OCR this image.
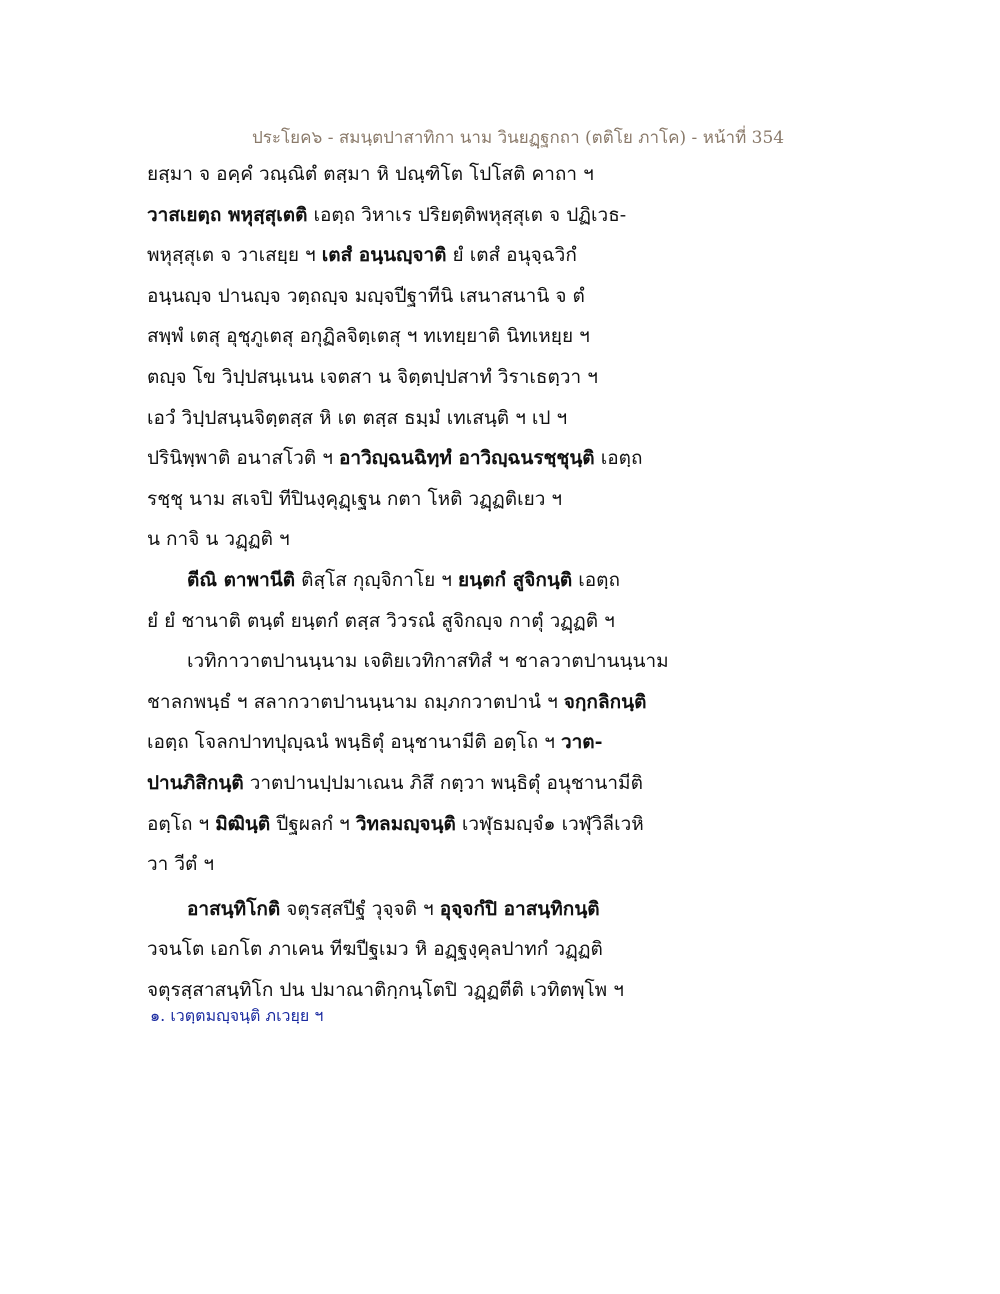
ประโยค๖ - สมนฺตปาสาทิกา นาม วินยฏฺฐกถา (ตติโย ภาโค) - หน้าที่ 354
ยสฺมา จ อคฺคํ วณฺณิตํ ตสฺมา หิ ปณฺฑิโต โปโสติ คาถา ฯ
วาสเยตฺถ พหุสฺสุเตติ เอตฺถ วิหาเร ปริยตฺติพหุสฺสุเต จ ปฏิเวธ-
พหุสฺสุเต จ วาเสยฺย ฯ เตสํ อนฺนญฺจาติ ยํ เตสํ อนุจฺฉวิกํ
อนฺนญฺจ ปานญฺจ วตฺถญฺจ มญฺจปีฐาทีนิ เสนาสนานิ จ ตํ
สพฺพํ เตสุ อุชุภูเตสุ อกุฏิลจิตฺเตสุ ฯ ทเทยฺยาติ นิทเหยฺย ฯ
ตญฺจ โข วิปฺปสนฺเนน เจตสา น จิตฺตปฺปสาทํ วิราเธตฺวา ฯ
เอวํ วิปฺปสนฺนจิตฺตสฺส หิ เต ตสฺส ธมฺมํ เทเสนฺติ ฯ เป ฯ
ปรินิพฺพาติ อนาสโวติ ฯ อาวิญฺฉนฉิทฺทํ อาวิญฺฉนรชฺชุนฺติ เอตฺถ
รชฺชุ นาม สเจปิ ทีปินงฺคุฏฺเฐน กตา โหติ วฏฺฏติเยว ฯ
น กาจิ น วฏฺฏติ ฯ
ตีณิ ตาพานีติ ติสฺโส กุญฺจิกาโย ฯ ยนฺตกํ สูจิกนฺติ เอตฺถ
ยํ ยํ ชานาติ ตนฺตํ ยนฺตกํ ตสฺส วิวรณํ สูจิกญฺจ กาตุํ วฏฺฏติ ฯ
เวทิกาวาตปานนฺนาม เจติยเวทิกาสทิสํ ฯ ชาลวาตปานนฺนาม
ชาลกพนฺธํ ฯ สลากวาตปานนฺนาม ถมฺภกวาตปานํ ฯ จกฺกลิกนฺติ
เอตฺถ โจลกปาทปุญฺฉนํ พนฺธิตุํ อนุชานามีติ อตฺโถ ฯ วาต-
ปานภิสิกนฺติ วาตปานปฺปมาเณน ภิสึ กตฺวา พนฺธิตุํ อนุชานามีติ
อตฺโถ ฯ มิฒินฺติ ปีฐผลกํ ฯ วิทลมญฺจนฺติ เวฬุธมญฺจํ๑ เวฬุวิลีเวหิ
วา วีตํ ฯ
อาสนฺทิโกติ จตุรสฺสปีฐํ วุจฺจติ ฯ อุจฺจกํปิ อาสนฺทิกนฺติ
วจนโต เอกโต ภาเคน ทีฆปีฐเมว หิ อฏฺฐงฺคุลปาทกํ วฏฺฏติ
จตุรสฺสาสนฺทิโก ปน ปมาณาติกฺกนฺโตปิ วฏฺฏตีติ เวทิตพฺโพ ฯ
๑. เวตฺตมญฺจนฺติ ภเวยฺย ฯ
